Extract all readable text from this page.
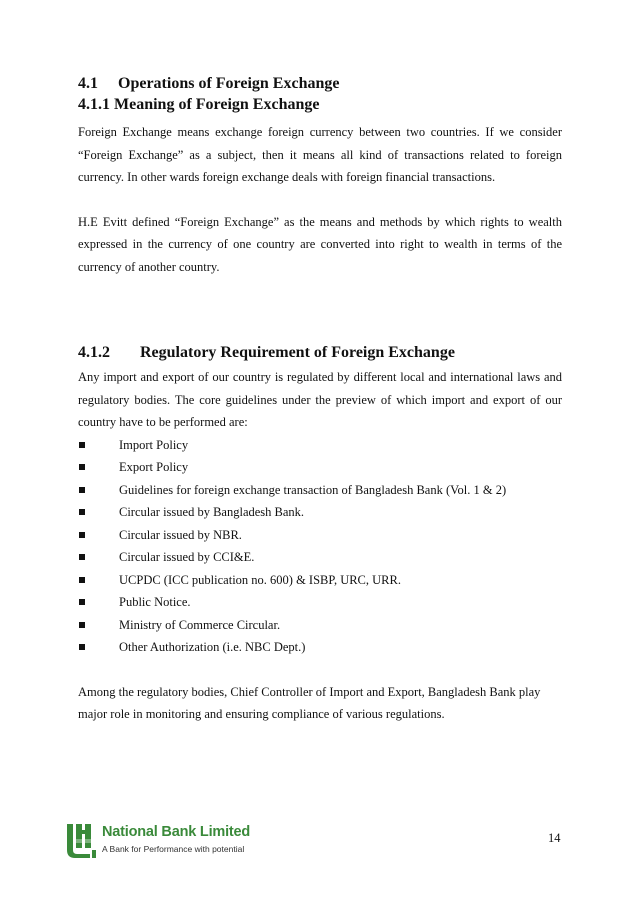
4.1 Operations of Foreign Exchange
4.1.1 Meaning of Foreign Exchange

Foreign Exchange means exchange foreign currency between two countries. If we consider “Foreign Exchange” as a subject, then it means all kind of transactions related to foreign currency. In other wards foreign exchange deals with foreign financial transactions.

H.E Evitt defined “Foreign Exchange” as the means and methods by which rights to wealth expressed in the currency of one country are converted into right to wealth in terms of the currency of another country.

4.1.2 Regulatory Requirement of Foreign Exchange

Any import and export of our country is regulated by different local and international laws and regulatory bodies. The core guidelines under the preview of which import and export of our country have to be performed are:

Import Policy
Export Policy
Guidelines for foreign exchange transaction of Bangladesh Bank (Vol. 1 & 2)
Circular issued by Bangladesh Bank.
Circular issued by NBR.
Circular issued by CCI&E.
UCPDC (ICC publication no. 600) & ISBP, URC, URR.
Public Notice.
Ministry of Commerce Circular.
Other Authorization (i.e. NBC Dept.)

Among the regulatory bodies, Chief Controller of Import and Export, Bangladesh Bank play major role in monitoring and ensuring compliance of various regulations.

National Bank Limited
A Bank for Performance with potential
14
